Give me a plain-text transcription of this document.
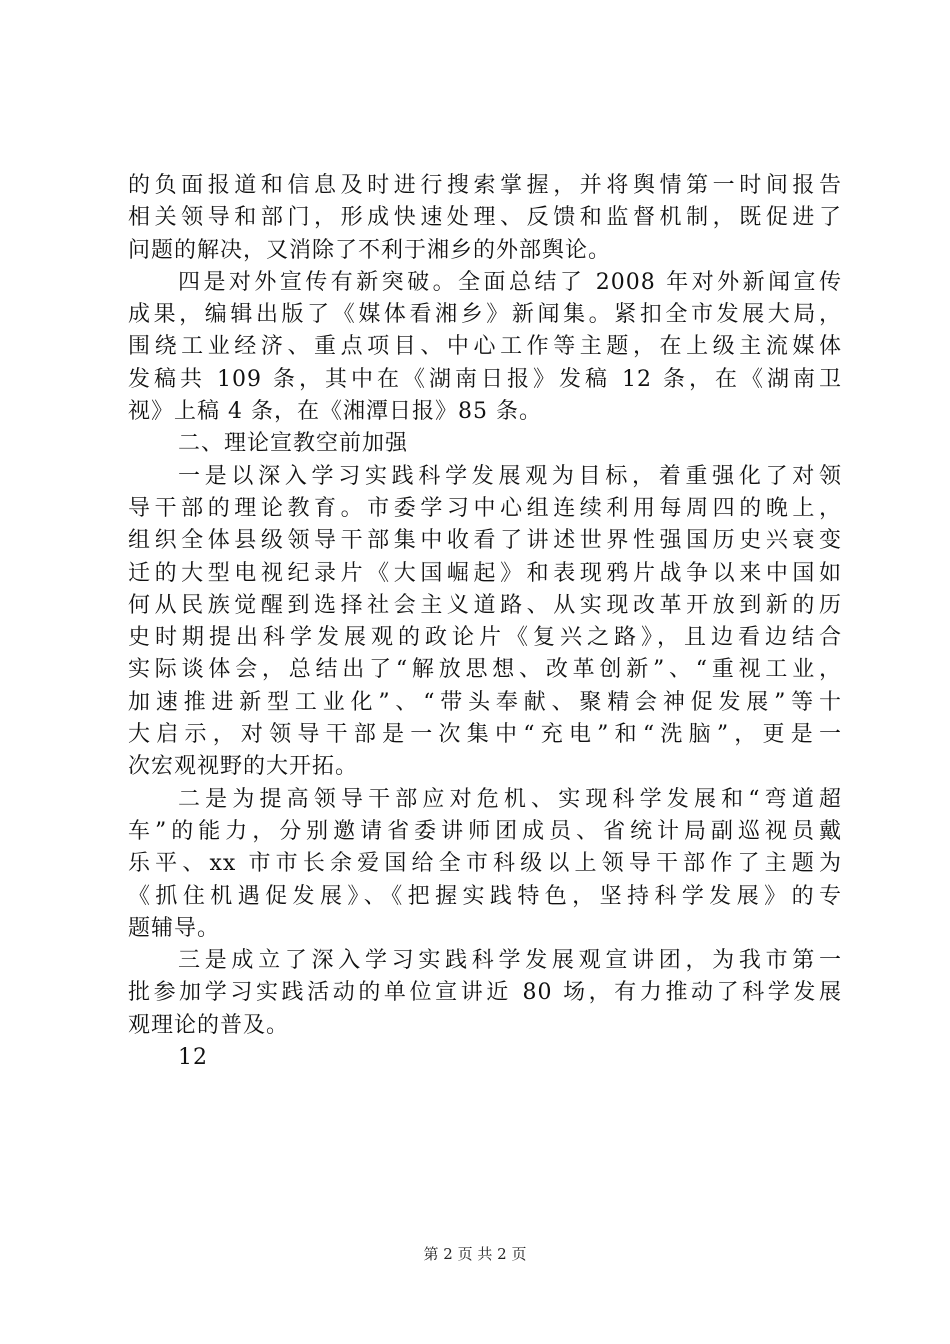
的负面报道和信息及时进行搜索掌握，并将舆情第一时间报告
相关领导和部门，形成快速处理、反馈和监督机制，既促进了
问题的解决，又消除了不利于湘乡的外部舆论。
四是对外宣传有新突破。全面总结了 2008 年对外新闻宣传
成果，编辑出版了《媒体看湘乡》新闻集。紧扣全市发展大局，
围绕工业经济、重点项目、中心工作等主题，在上级主流媒体
发稿共 109 条，其中在《湖南日报》发稿 12 条，在《湖南卫
视》上稿 4 条，在《湘潭日报》85 条。
二、理论宣教空前加强
一是以深入学习实践科学发展观为目标，着重强化了对领
导干部的理论教育。市委学习中心组连续利用每周四的晚上，
组织全体县级领导干部集中收看了讲述世界性强国历史兴衰变
迁的大型电视纪录片《大国崛起》和表现鸦片战争以来中国如
何从民族觉醒到选择社会主义道路、从实现改革开放到新的历
史时期提出科学发展观的政论片《复兴之路》，且边看边结合
实际谈体会，总结出了“解放思想、改革创新”、“重视工业，
加速推进新型工业化”、“带头奉献、聚精会神促发展”等十
大启示，对领导干部是一次集中“充电”和“洗脑”，更是一
次宏观视野的大开拓。
二是为提高领导干部应对危机、实现科学发展和“弯道超
车”的能力，分别邀请省委讲师团成员、省统计局副巡视员戴
乐平、xx 市市长余爱国给全市科级以上领导干部作了主题为
《抓住机遇促发展》、《把握实践特色，坚持科学发展》的专
题辅导。
三是成立了深入学习实践科学发展观宣讲团，为我市第一
批参加学习实践活动的单位宣讲近 80 场，有力推动了科学发展
观理论的普及。
12
第 2 页 共 2 页
